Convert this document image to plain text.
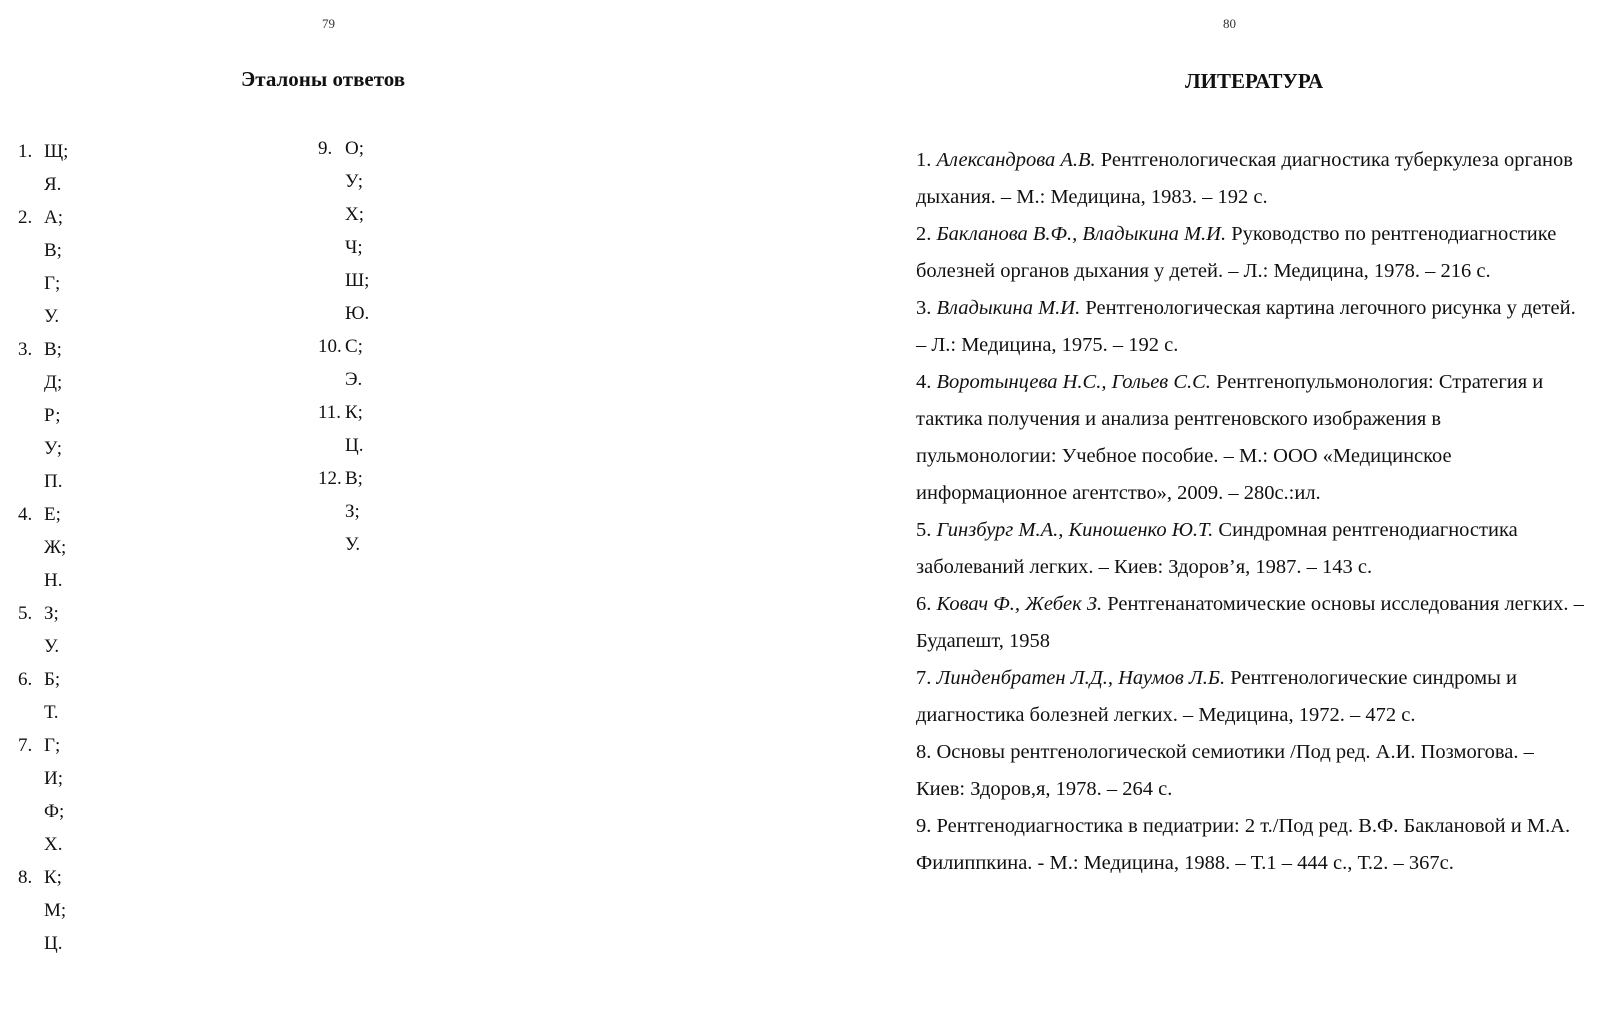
79
Эталоны ответов
1. Щ;
Я.
2. А;
В;
Г;
У.
3. В;
Д;
Р;
У;
П.
4. Е;
Ж;
Н.
5. З;
У.
6. Б;
Т.
7. Г;
И;
Ф;
Х.
8. К;
М;
Ц.
9. О;
У;
Х;
Ч;
Ш;
Ю.
10. С;
Э.
11. К;
Ц.
12. В;
З;
У.
80
ЛИТЕРАТУРА

1. Александрова А.В. Рентгенологическая диагностика туберкулеза органов дыхания. – М.: Медицина, 1983. – 192 с.

2. Бакланова В.Ф., Владыкина М.И. Руководство по рентгенодиагностике болезней органов дыхания у детей. – Л.: Медицина, 1978. – 216 с.

3. Владыкина М.И. Рентгенологическая картина легочного рисунка у детей. – Л.: Медицина, 1975. – 192 с.

4. Воротынцева Н.С., Гольев С.С. Рентгенопульмонология: Стратегия и тактика получения и анализа рентгеновского изображения в пульмонологии: Учебное пособие. – М.: ООО «Медицинское информационное агентство», 2009. – 280с.:ил.

5. Гинзбург М.А., Киношенко Ю.Т. Синдромная рентгенодиагностика заболеваний легких. – Киев: Здоров’я, 1987. – 143 с.

6. Ковач Ф., Жебек З. Рентгенанатомические основы исследования легких. – Будапешт, 1958

7. Линденбратен Л.Д., Наумов Л.Б. Рентгенологические синдромы и диагностика болезней легких. – Медицина, 1972. – 472 с.

8. Основы рентгенологической семиотики /Под ред. А.И. Позмогова. – Киев: Здоров,я, 1978. – 264 с.

9. Рентгенодиагностика в педиатрии: 2 т./Под ред. В.Ф. Баклановой и М.А. Филиппкина. - М.: Медицина, 1988. – Т.1 – 444 с., Т.2. – 367с.
